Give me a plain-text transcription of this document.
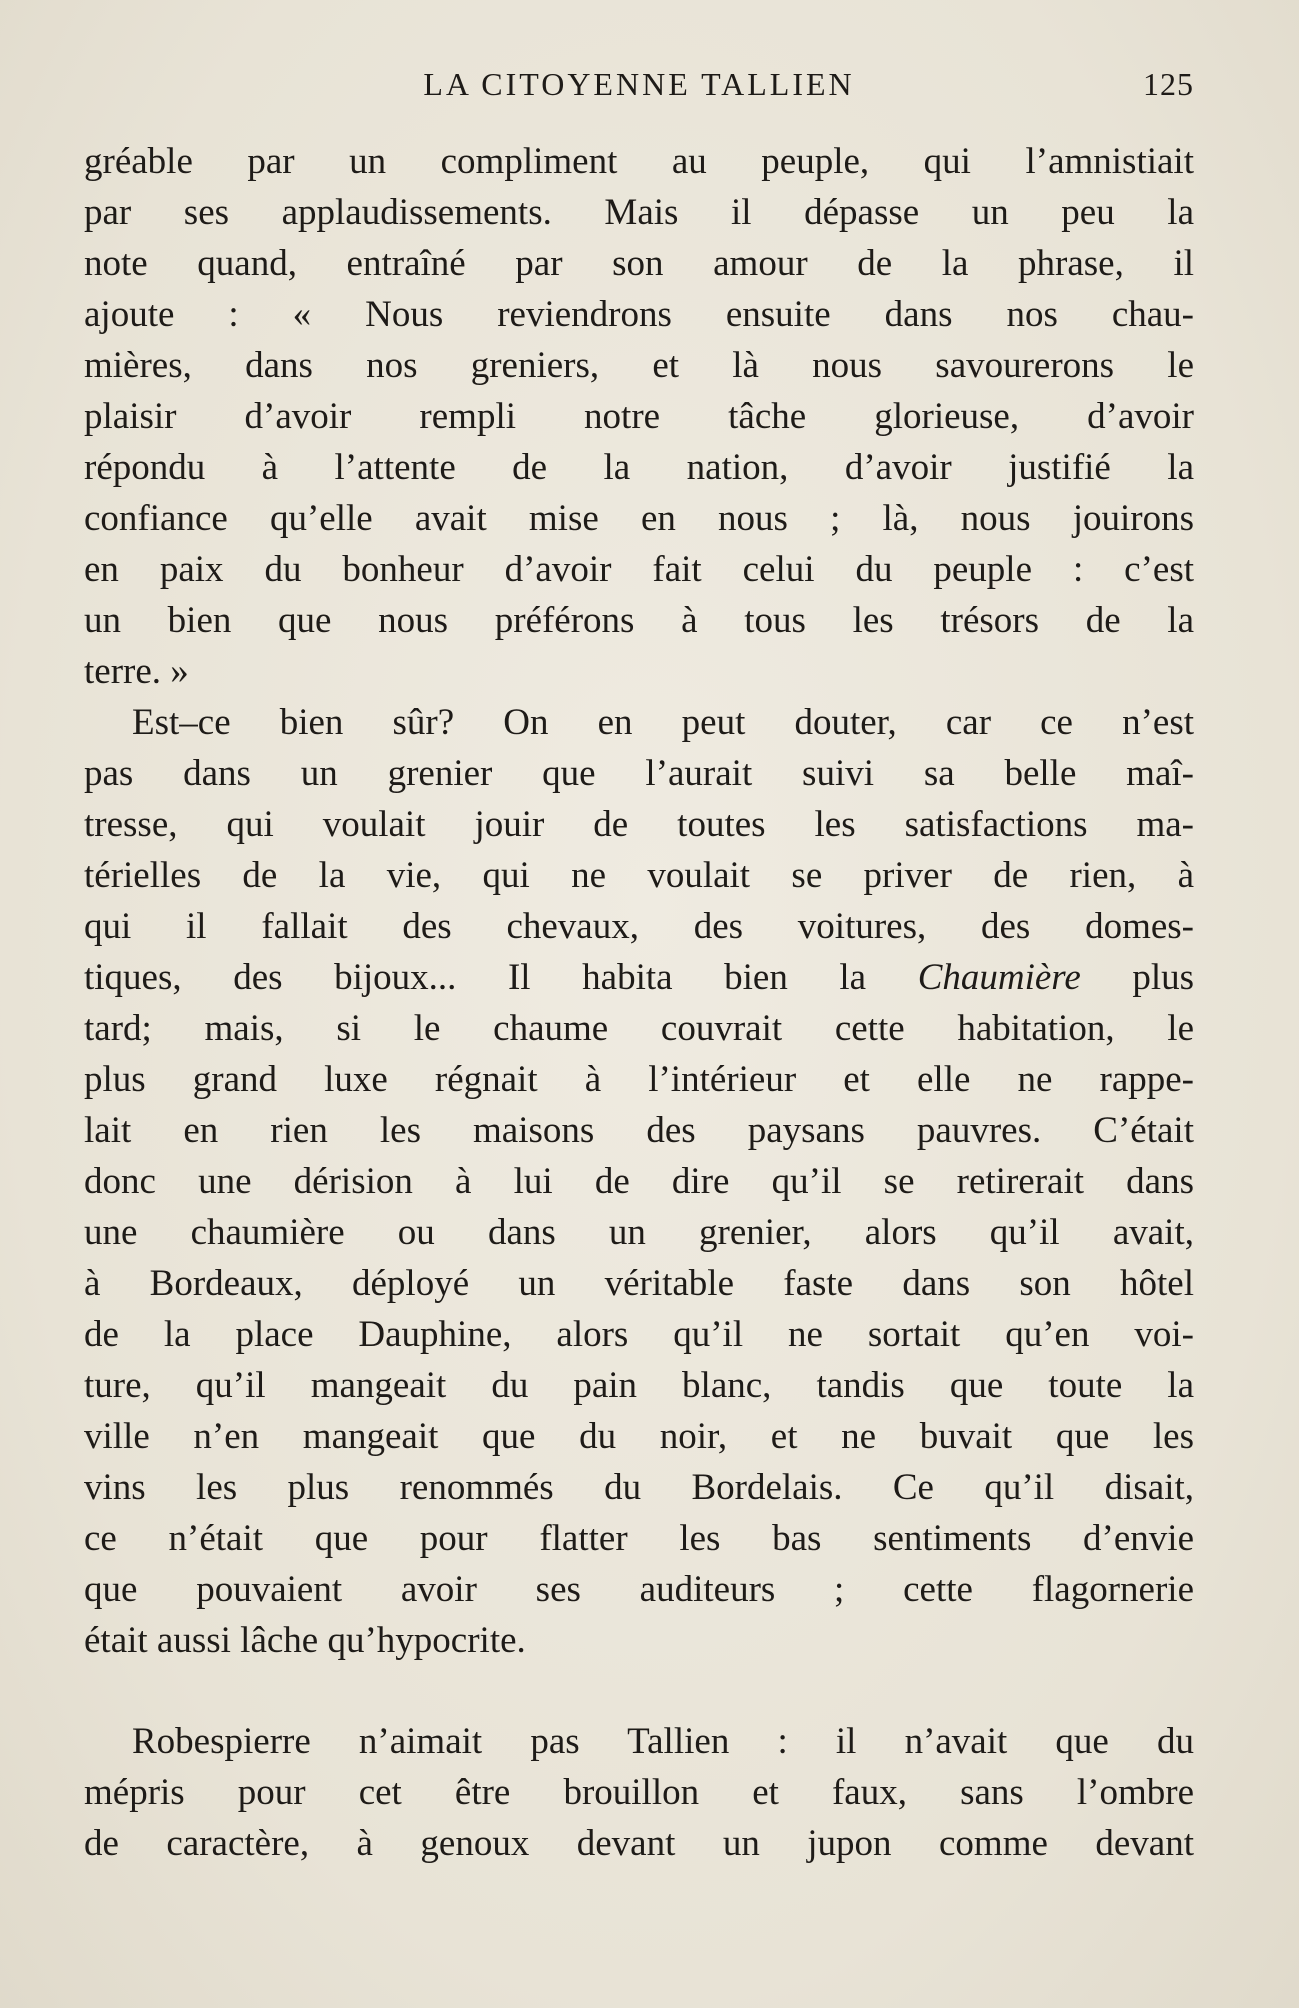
LA CITOYENNE TALLIEN	125
gréable par un compliment au peuple, qui l’amnistiait
par ses applaudissements. Mais il dépasse un peu la
note quand, entraîné par son amour de la phrase, il
ajoute : « Nous reviendrons ensuite dans nos chau-
mières, dans nos greniers, et là nous savourerons le
plaisir d’avoir rempli notre tâche glorieuse, d’avoir
répondu à l’attente de la nation, d’avoir justifié la
confiance qu’elle avait mise en nous ; là, nous jouirons
en paix du bonheur d’avoir fait celui du peuple : c’est
un bien que nous préférons à tous les trésors de la
terre. »
Est–ce bien sûr? On en peut douter, car ce n’est
pas dans un grenier que l’aurait suivi sa belle maî-
tresse, qui voulait jouir de toutes les satisfactions ma-
térielles de la vie, qui ne voulait se priver de rien, à
qui il fallait des chevaux, des voitures, des domes-
tiques, des bijoux... Il habita bien la Chaumière plus
tard; mais, si le chaume couvrait cette habitation, le
plus grand luxe régnait à l’intérieur et elle ne rappe-
lait en rien les maisons des paysans pauvres. C’était
donc une dérision à lui de dire qu’il se retirerait dans
une chaumière ou dans un grenier, alors qu’il avait,
à Bordeaux, déployé un véritable faste dans son hôtel
de la place Dauphine, alors qu’il ne sortait qu’en voi-
ture, qu’il mangeait du pain blanc, tandis que toute la
ville n’en mangeait que du noir, et ne buvait que les
vins les plus renommés du Bordelais. Ce qu’il disait,
ce n’était que pour flatter les bas sentiments d’envie
que pouvaient avoir ses auditeurs ; cette flagornerie
était aussi lâche qu’hypocrite.
Robespierre n’aimait pas Tallien : il n’avait que du
mépris pour cet être brouillon et faux, sans l’ombre
de caractère, à genoux devant un jupon comme devant
